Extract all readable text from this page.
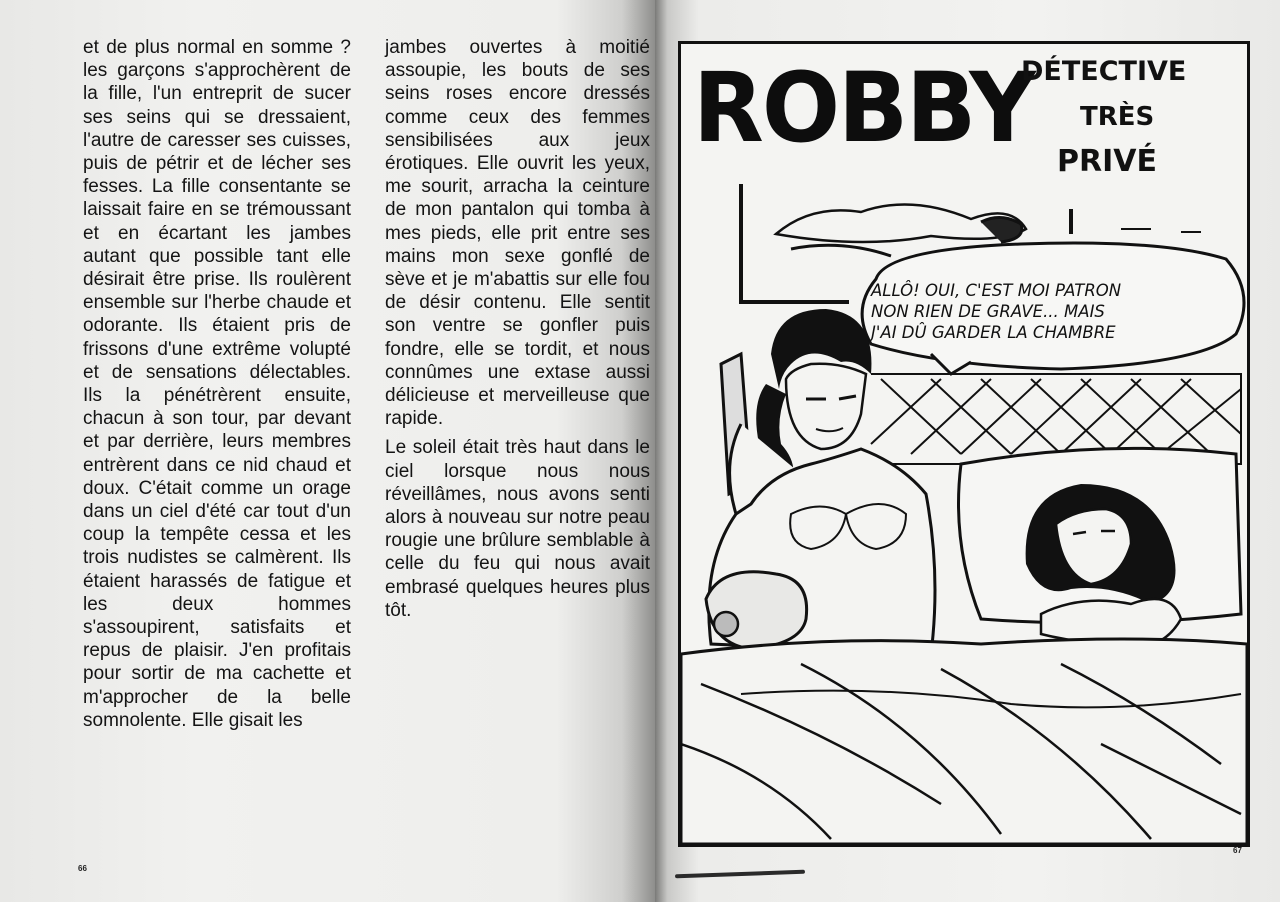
et de plus normal en somme ? les garçons s'approchèrent de la fille, l'un entreprit de sucer ses seins qui se dressaient, l'autre de caresser ses cuisses, puis de pétrir et de lécher ses fesses. La fille consentante se laissait faire en se trémoussant et en écartant les jambes autant que possible tant elle désirait être prise. Ils roulèrent ensemble sur l'herbe chaude et odorante. Ils étaient pris de frissons d'une extrême volupté et de sensations délectables. Ils la pénétrèrent ensuite, chacun à son tour, par devant et par derrière, leurs membres entrèrent dans ce nid chaud et doux. C'était comme un orage dans un ciel d'été car tout d'un coup la tempête cessa et les trois nudistes se calmèrent. Ils étaient harassés de fatigue et les deux hommes s'assoupirent, satisfaits et repus de plaisir. J'en profitais pour sortir de ma cachette et m'approcher de la belle somnolente. Elle gisait les

jambes ouvertes à moitié assoupie, les bouts de ses seins roses encore dressés comme ceux des femmes sensibilisées aux jeux érotiques. Elle ouvrit les yeux, me sourit, arracha la ceinture de mon pantalon qui tomba à mes pieds, elle prit entre ses mains mon sexe gonflé de sève et je m'abattis sur elle fou de désir contenu. Elle sentit son ventre se gonfler puis fondre, elle se tordit, et nous connûmes une extase aussi délicieuse et merveilleuse que rapide.

Le soleil était très haut dans le ciel lorsque nous nous réveillâmes, nous avons senti alors à nouveau sur notre peau rougie une brûlure semblable à celle du feu qui nous avait embrasé quelques heures plus tôt.

66
ROBBY
DÉTECTIVE
TRÈS
PRIVÉ
ALLÔ! OUI, C'EST MOI PATRON
NON RIEN DE GRAVE... MAIS
J'AI DÛ GARDER LA CHAMBRE
67
